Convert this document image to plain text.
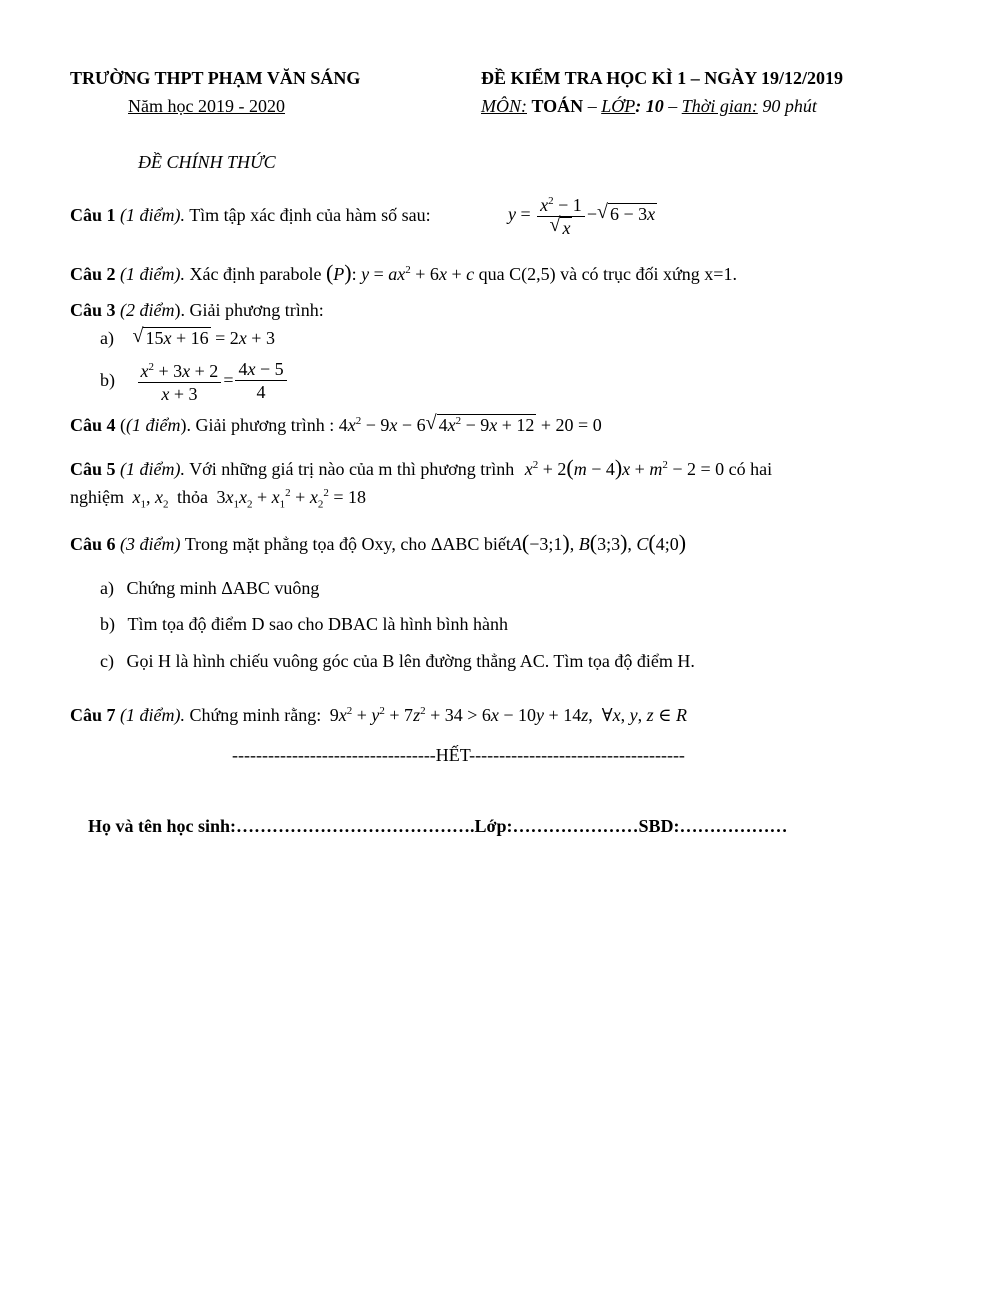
TRƯỜNG THPT PHẠM VĂN SÁNG
Năm học 2019 - 2020
ĐỀ KIỂM TRA HỌC KÌ 1 – NGÀY 19/12/2019
MÔN: TOÁN – LỚP: 10 – Thời gian: 90 phút
ĐỀ CHÍNH THỨC
Câu 1 (1 điểm). Tìm tập xác định của hàm số sau:	$y = \frac{x^2 - 1}{√ x}$ − √ 6 − 3x
Câu 2 (1 điểm). Xác định parabole (P): $y = ax^2 + 6x + c$ qua C(2,5) và có trục đối xứng x=1.
Câu 3 (2 điểm). Giải phương trình:
a) √ 15x + 16 = 2x + 3
$b) \frac{x^2 + 3x + 2}{x + 3} = \frac{4x - 5}{4}$
Câu 4 ((1 điểm). Giải phương trình : $4x^2 - 9x - 6$ √ $4x^2 - 9x + 12 + 20 = 0$
Câu 5 (1 điểm). Với những giá trị nào của m thì phương trình $x^2 + 2(m - 4)x + m^2 - 2 = 0$ có hai
nghiệm $x_1$, $x_2$ thỏa $3x_1x_2 + x_1^2 + x_2^2 = 18$
Câu 6 (3 điểm) Trong mặt phẳng tọa độ Oxy, cho ΔABC biếtA(−3;1), B(3;3), C(4;0)
a) Chứng minh ΔABC vuông
b) Tìm tọa độ điểm D sao cho DBAC là hình bình hành
c) Gọi H là hình chiếu vuông góc của B lên đường thẳng AC. Tìm tọa độ điểm H.
Câu 7 (1 điểm). Chứng minh rằng: $9x^2 + y^2 + 7z^2 + 34 > 6x - 10y + 14z$,  ∀x, y, z ∈ R
----------------------------------HẾT------------------------------------
Họ và tên học sinh:………………………………….Lớp:…………………SBD:………………
